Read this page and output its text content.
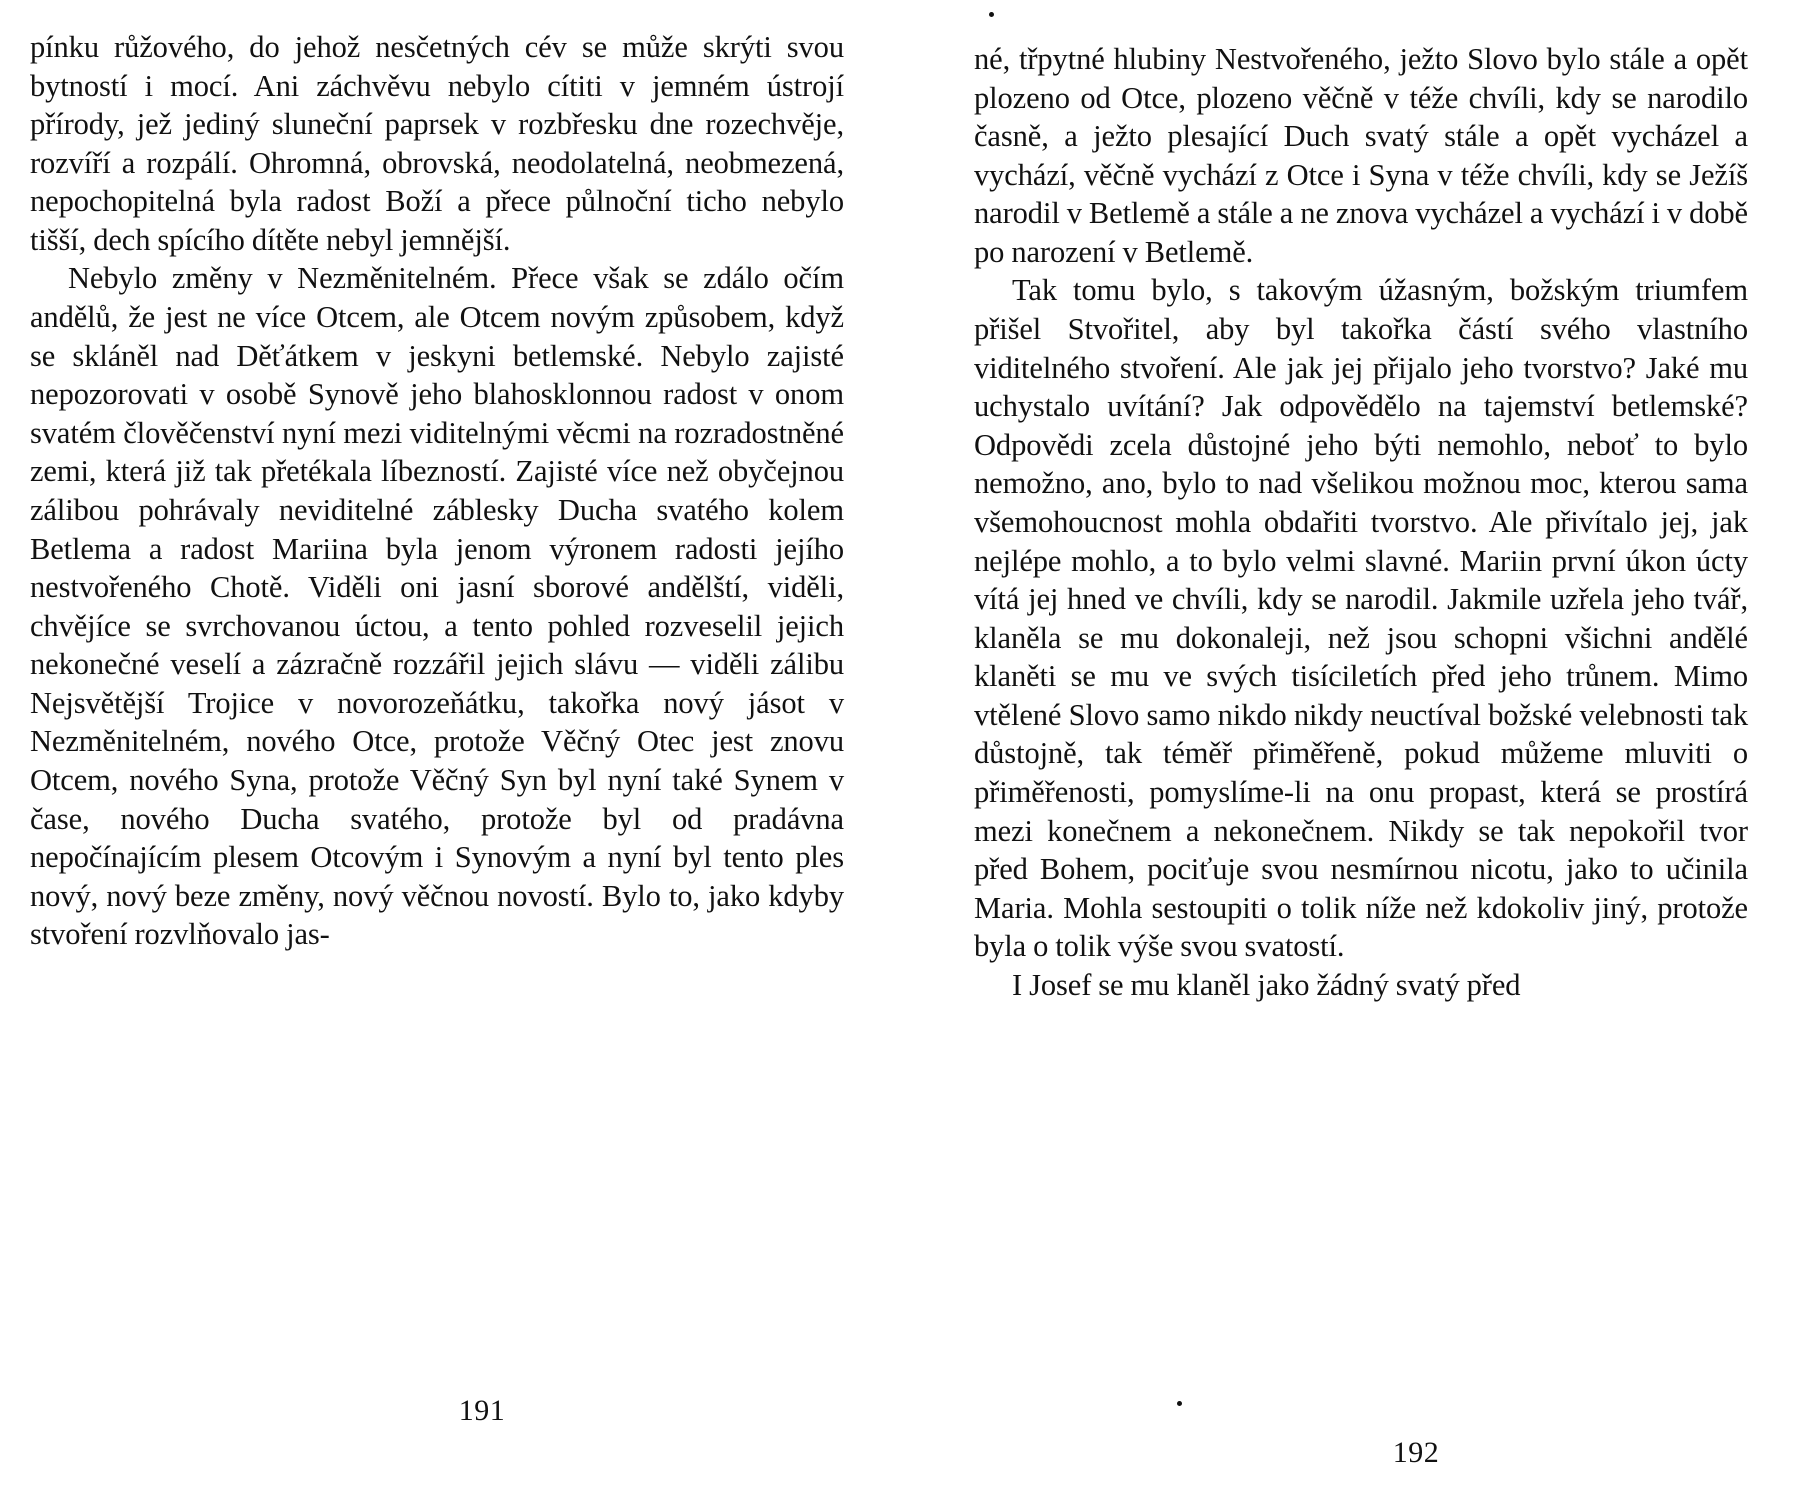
pínku růžového, do jehož nesčetných cév se může skrýti svou bytností i mocí. Ani záchvěvu nebylo cítiti v jemném ústrojí přírody, jež jediný sluneční paprsek v rozbřesku dne rozechvěje, rozvíří a rozpálí. Ohromná, obrovská, neodolatelná, neobmezená, nepochopitelná byla radost Boží a přece půlnoční ticho nebylo tišší, dech spícího dítěte nebyl jemnější.

Nebylo změny v Nezměnitelném. Přece však se zdálo očím andělů, že jest ne více Otcem, ale Otcem novým způsobem, když se skláněl nad Děťátkem v jeskyni betlemské. Nebylo zajisté nepozorovati v osobě Synově jeho blahosklonnou radost v onom svatém člověčenství nyní mezi viditelnými věcmi na rozradostněné zemi, která již tak přetékala líbezností. Zajisté více než obyčejnou zálibou pohrávaly neviditelné záblesky Ducha svatého kolem Betlema a radost Mariina byla jenom výronem radosti jejího nestvořeného Chotě. Viděli oni jasní sborové andělští, viděli, chvějíce se svrchovanou úctou, a tento pohled rozveselil jejich nekonečné veselí a zázračně rozzářil jejich slávu — viděli zálibu Nejsvětější Trojice v novorozeňátku, takořka nový jásot v Nezměnitelném, nového Otce, protože Věčný Otec jest znovu Otcem, nového Syna, protože Věčný Syn byl nyní také Synem v čase, nového Ducha svatého, protože byl od pradávna nepočínajícím plesem Otcovým i Synovým a nyní byl tento ples nový, nový beze změny, nový věčnou novostí. Bylo to, jako kdyby stvoření rozvlňovalo jas-

191

né, třpytné hlubiny Nestvořeného, ježto Slovo bylo stále a opět plozeno od Otce, plozeno věčně v téže chvíli, kdy se narodilo časně, a ježto plesající Duch svatý stále a opět vycházel a vychází, věčně vychází z Otce i Syna v téže chvíli, kdy se Ježíš narodil v Betlemě a stále a ne znova vycházel a vychází i v době po narození v Betlemě.

Tak tomu bylo, s takovým úžasným, božským triumfem přišel Stvořitel, aby byl takořka částí svého vlastního viditelného stvoření. Ale jak jej přijalo jeho tvorstvo? Jaké mu uchystalo uvítání? Jak odpovědělo na tajemství betlemské? Odpovědi zcela důstojné jeho býti nemohlo, neboť to bylo nemožno, ano, bylo to nad všelikou možnou moc, kterou sama všemohoucnost mohla obdařiti tvorstvo. Ale přivítalo jej, jak nejlépe mohlo, a to bylo velmi slavné. Mariin první úkon úcty vítá jej hned ve chvíli, kdy se narodil. Jakmile uzřela jeho tvář, klaněla se mu dokonaleji, než jsou schopni všichni andělé klaněti se mu ve svých tisíciletích před jeho trůnem. Mimo vtělené Slovo samo nikdo nikdy neuctíval božské velebnosti tak důstojně, tak téměř přiměřeně, pokud můžeme mluviti o přiměřenosti, pomyslíme-li na onu propast, která se prostírá mezi konečnem a nekonečnem. Nikdy se tak nepokořil tvor před Bohem, pociťuje svou nesmírnou nicotu, jako to učinila Maria. Mohla sestoupiti o tolik níže než kdokoliv jiný, protože byla o tolik výše svou svatostí.

I Josef se mu klaněl jako žádný svatý před

192
